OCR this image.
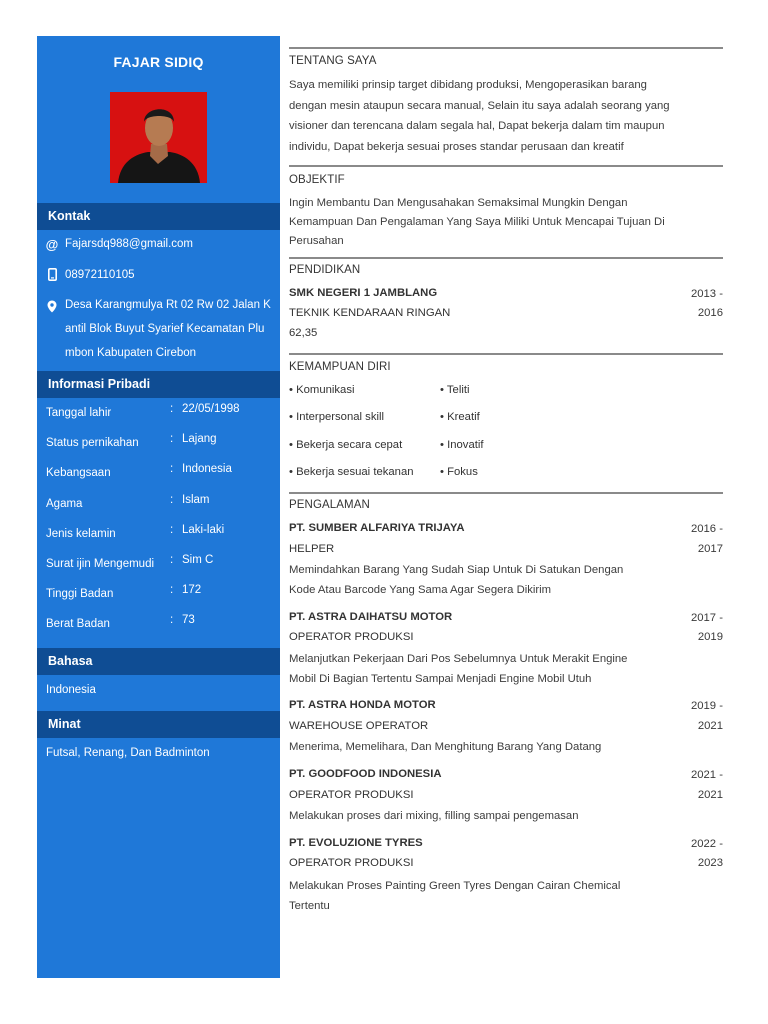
FAJAR SIDIQ
Kontak
@ Fajarsdq988@gmail.com
08972110105
Desa Karangmulya Rt 02 Rw 02 Jalan K
antil Blok Buyut Syarief Kecamatan Plu
mbon Kabupaten Cirebon
Informasi Pribadi
Tanggal lahir	: 22/05/1998
Status pernikahan	: Lajang
Kebangsaan	: Indonesia
Agama	: Islam
Jenis kelamin	: Laki-laki
Surat ijin Mengemudi : Sim C
Tinggi Badan	: 172
Berat Badan	: 73
Bahasa
Indonesia
Minat
Futsal, Renang, Dan Badminton
TENTANG SAYA
Saya memiliki prinsip target dibidang produksi, Mengoperasikan barang
dengan mesin ataupun secara manual, Selain itu saya adalah seorang yang
visioner dan terencana dalam segala hal, Dapat bekerja dalam tim maupun
individu, Dapat bekerja sesuai proses standar perusaan dan kreatif
OBJEKTIF
Ingin Membantu Dan Mengusahakan Semaksimal Mungkin Dengan
Kemampuan Dan Pengalaman Yang Saya Miliki Untuk Mencapai Tujuan Di
Perusahan
PENDIDIKAN
SMK NEGERI 1 JAMBLANG	2013 -
TEKNIK KENDARAAN RINGAN	2016
62,35
KEMAMPUAN DIRI
• Komunikasi
• Interpersonal skill
• Bekerja secara cepat
• Bekerja sesuai tekanan
• Teliti
• Kreatif
• Inovatif
• Fokus
PENGALAMAN
PT. SUMBER ALFARIYA TRIJAYA	2016 -
HELPER	2017
Memindahkan Barang Yang Sudah Siap Untuk Di Satukan Dengan
Kode Atau Barcode Yang Sama Agar Segera Dikirim
PT. ASTRA DAIHATSU MOTOR	2017 -
OPERATOR PRODUKSI	2019
Melanjutkan Pekerjaan Dari Pos Sebelumnya Untuk Merakit Engine
Mobil Di Bagian Tertentu Sampai Menjadi Engine Mobil Utuh
PT. ASTRA HONDA MOTOR	2019 -
WAREHOUSE OPERATOR	2021
Menerima, Memelihara, Dan Menghitung Barang Yang Datang
PT. GOODFOOD INDONESIA	2021 -
OPERATOR PRODUKSI	2021
Melakukan proses dari mixing, filling sampai pengemasan
PT. EVOLUZIONE TYRES	2022 -
OPERATOR PRODUKSI	2023
Melakukan Proses Painting Green Tyres Dengan Cairan Chemical
Tertentu
